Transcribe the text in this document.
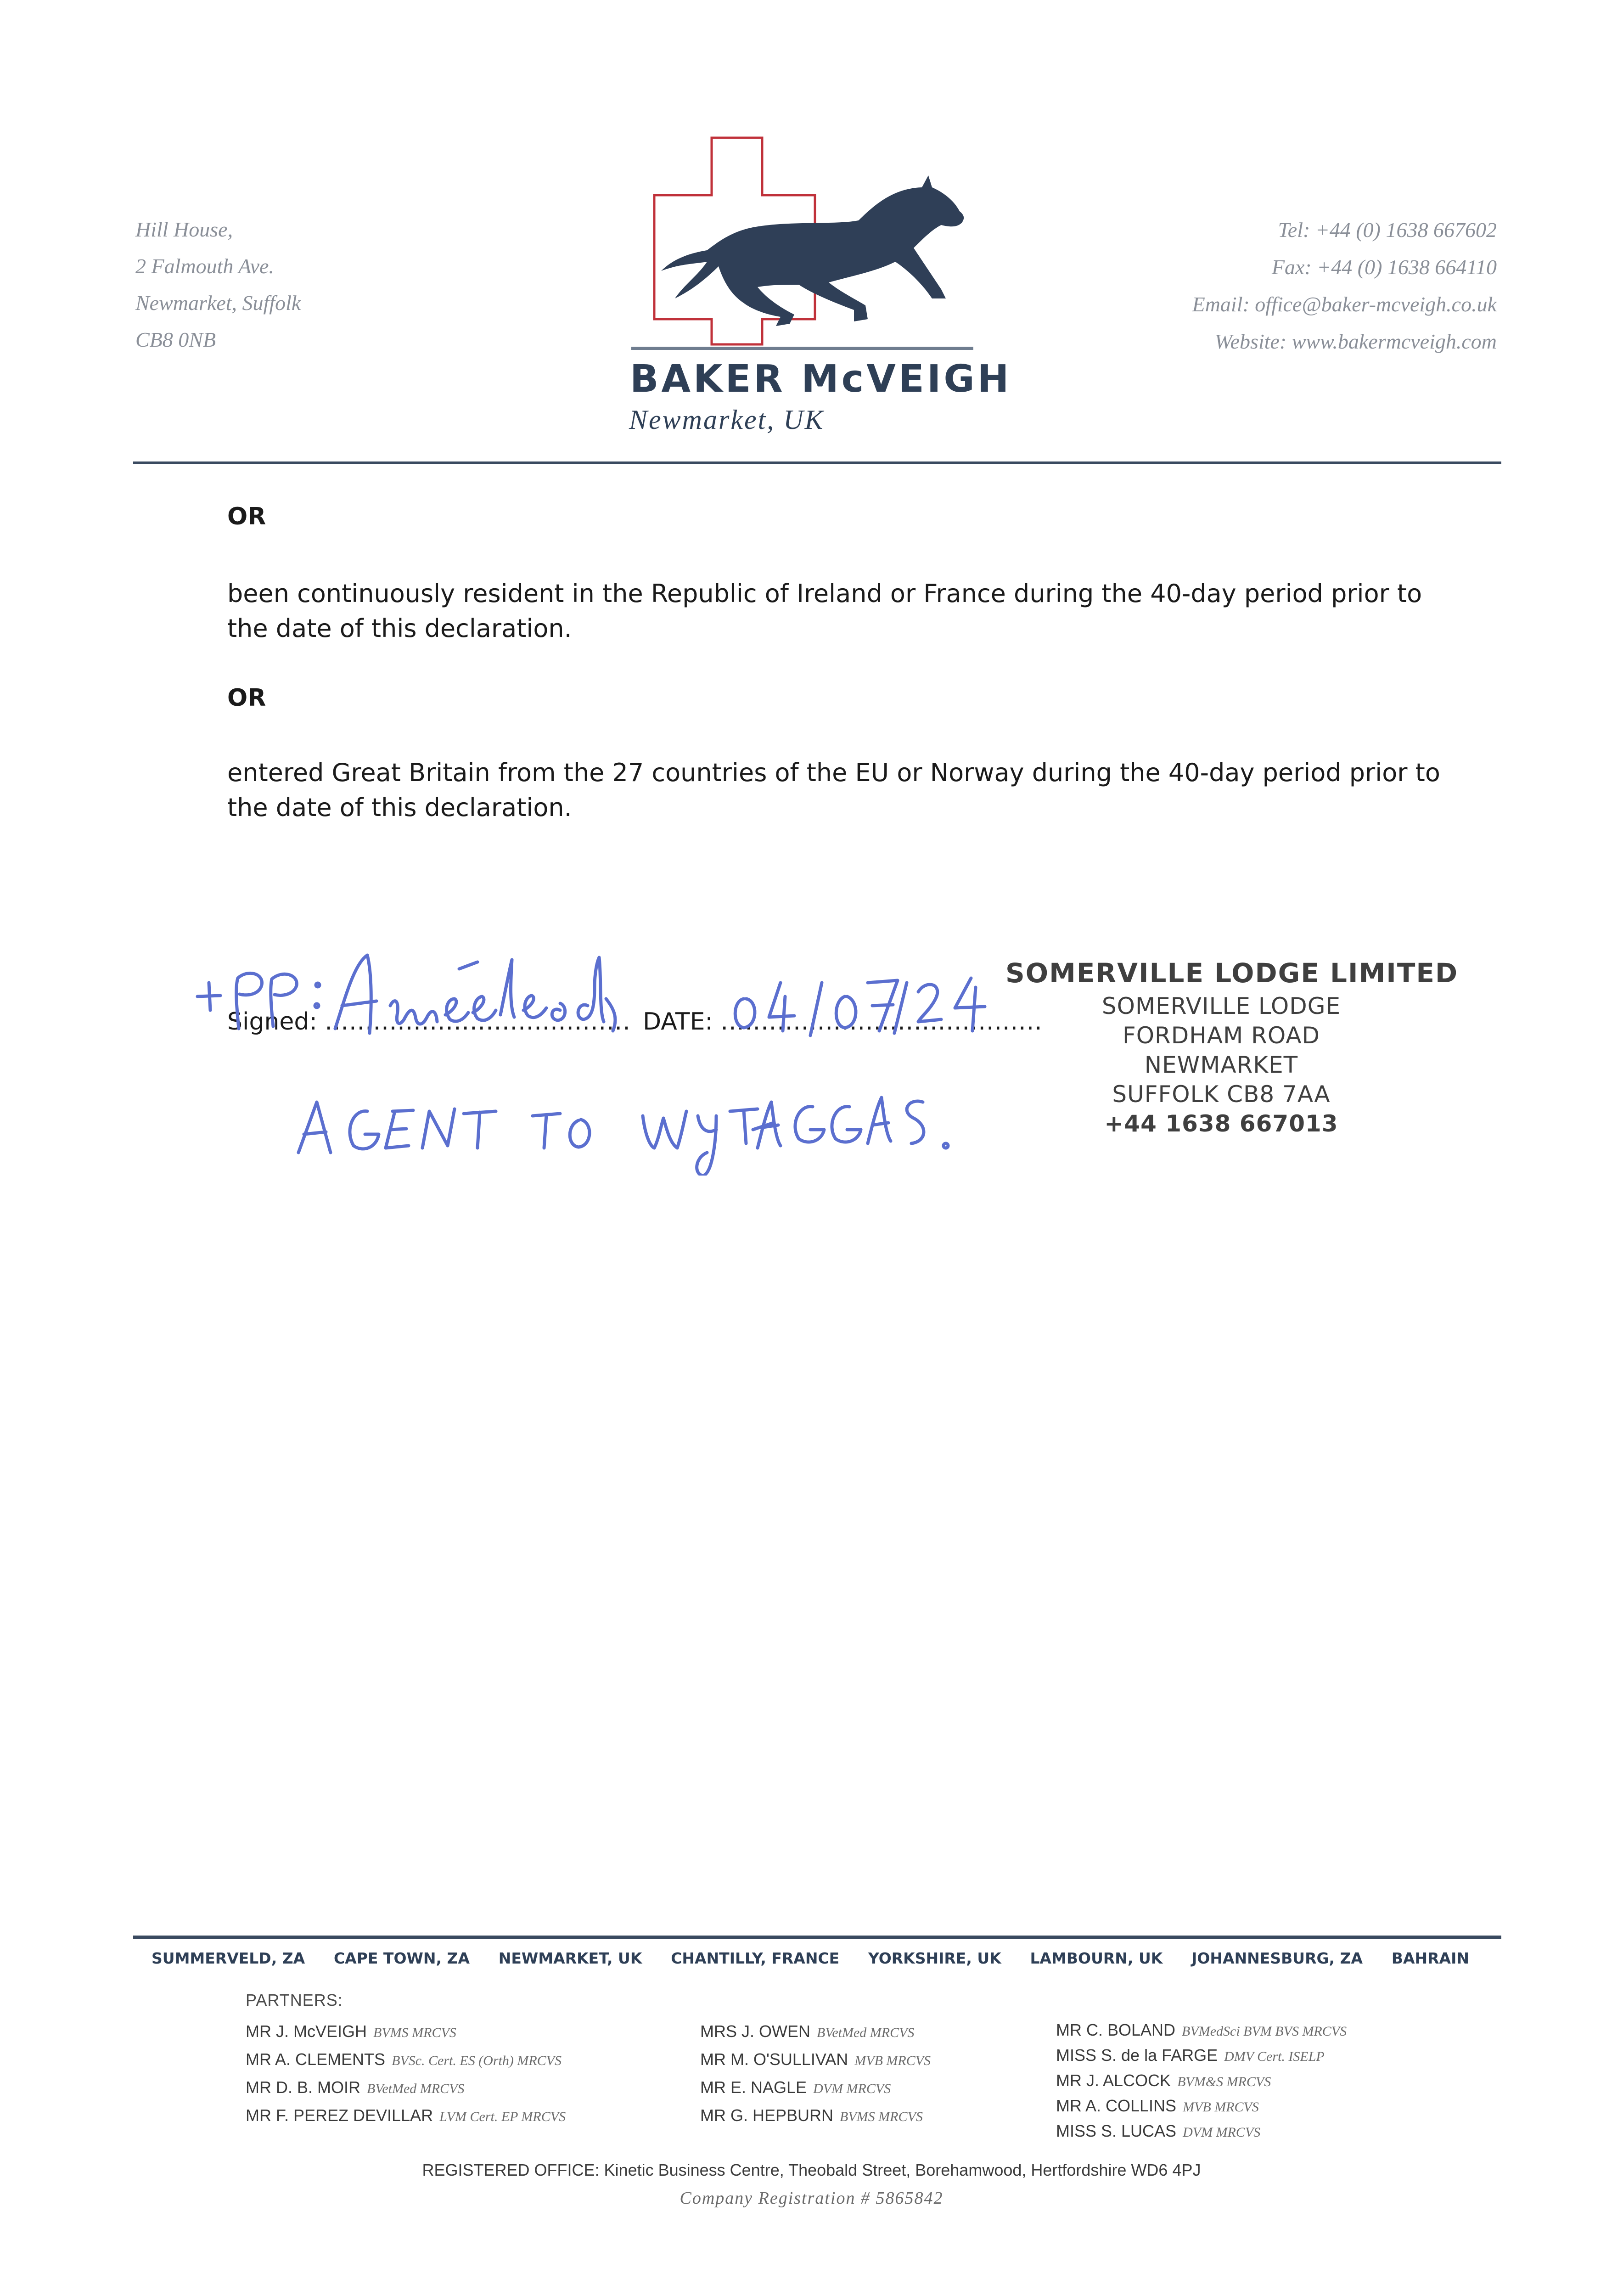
Hill House,
2 Falmouth Ave.
Newmarket, Suffolk
CB8 0NB
BAKER McVEIGH
Newmarket, UK
Tel: +44 (0) 1638 667602
Fax: +44 (0) 1638 664110
Email: office@baker-mcveigh.co.uk
Website: www.bakermcveigh.com
OR
been continuously resident in the Republic of Ireland or France during the 40-day period prior to the date of this declaration.
OR
entered Great Britain from the 27 countries of the EU or Norway during the 40-day period prior to the date of this declaration.
Signed: ...................................... DATE: ........................................
SOMERVILLE LODGE LIMITED
SOMERVILLE LODGE
FORDHAM ROAD
NEWMARKET
SUFFOLK CB8 7AA
+44 1638 667013
SUMMERVELD, ZA CAPE TOWN, ZA NEWMARKET, UK CHANTILLY, FRANCE YORKSHIRE, UK LAMBOURN, UK JOHANNESBURG, ZA BAHRAIN
PARTNERS:
MR J. McVEIGH BVMS MRCVS
MR A. CLEMENTS BVSc. Cert. ES (Orth) MRCVS
MR D. B. MOIR BVetMed MRCVS
MR F. PEREZ DEVILLAR LVM Cert. EP MRCVS
MRS J. OWEN BVetMed MRCVS
MR M. O'SULLIVAN MVB MRCVS
MR E. NAGLE DVM MRCVS
MR G. HEPBURN BVMS MRCVS
MR C. BOLAND BVMedSci BVM BVS MRCVS
MISS S. de la FARGE DMV Cert. ISELP
MR J. ALCOCK BVM&S MRCVS
MR A. COLLINS MVB MRCVS
MISS S. LUCAS DVM MRCVS
REGISTERED OFFICE: Kinetic Business Centre, Theobald Street, Borehamwood, Hertfordshire WD6 4PJ
Company Registration # 5865842
